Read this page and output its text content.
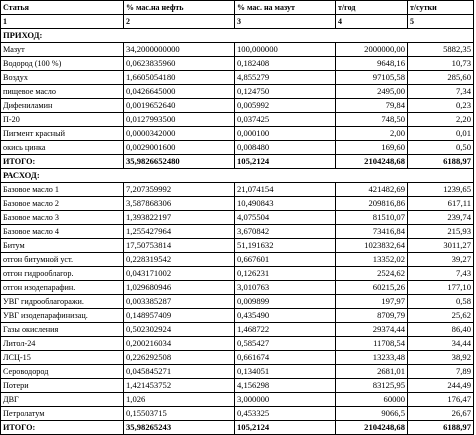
Статья	% мас.на нефть	% мас. на мазут	т/год	т/сутки
1	2	3	4	5
ПРИХОД:				
Мазут	34,2000000000	100,000000	2000000,00	5882,35
Водород (100 %)	0,0623835960	0,182408	9648,16	10,73
Воздух	1,6605054180	4,855279	97105,58	285,60
пищевое масло	0,0426645000	0,124750	2495,00	7,34
Дифениламин	0,0019652640	0,005992	79,84	0,23
П-20	0,0127993500	0,037425	748,50	2,20
Пигмент красный	0,0000342000	0,000100	2,00	0,01
окись цинка	0,0029001600	0,008480	169,60	0,50
ИТОГО:	35,9826652480	105,2124	2104248,68	6188,97
РАСХОД:				
Базовое масло 1	7,207359992	21,074154	421482,69	1239,65
Базовое масло 2	3,587868306	10,490843	209816,86	617,11
Базовое масло 3	1,393822197	4,075504	81510,07	239,74
Базовое масло 4	1,255427964	3,670842	73416,84	215,93
Битум	17,50753814	51,191632	1023832,64	3011,27
отгон битумной уст.	0,228319542	0,667601	13352,02	39,27
отгон гидрооблагор.	0,043171002	0,126231	2524,62	7,43
отгон изодепарафин.	1,029680946	3,010763	60215,26	177,10
УВГ гидрооблагоражи.	0,003385287	0,009899	197,97	0,58
УВГ изодепарафинизац.	0,148957409	0,435490	8709,79	25,62
Газы окисления	0,502302924	1,468722	29374,44	86,40
Литол-24	0,200216034	0,585427	11708,54	34,44
ЛСЦ-15	0,226292508	0,661674	13233,48	38,92
Сероводород	0,045845271	0,134051	2681,01	7,89
Потери	1,421453752	4,156298	83125,95	244,49
ДВГ	1,026	3,000000	60000	176,47
Петролатум	0,15503715	0,453325	9066,5	26,67
ИТОГО:	35,98265243	105,2124	2104248,68	6188,97
